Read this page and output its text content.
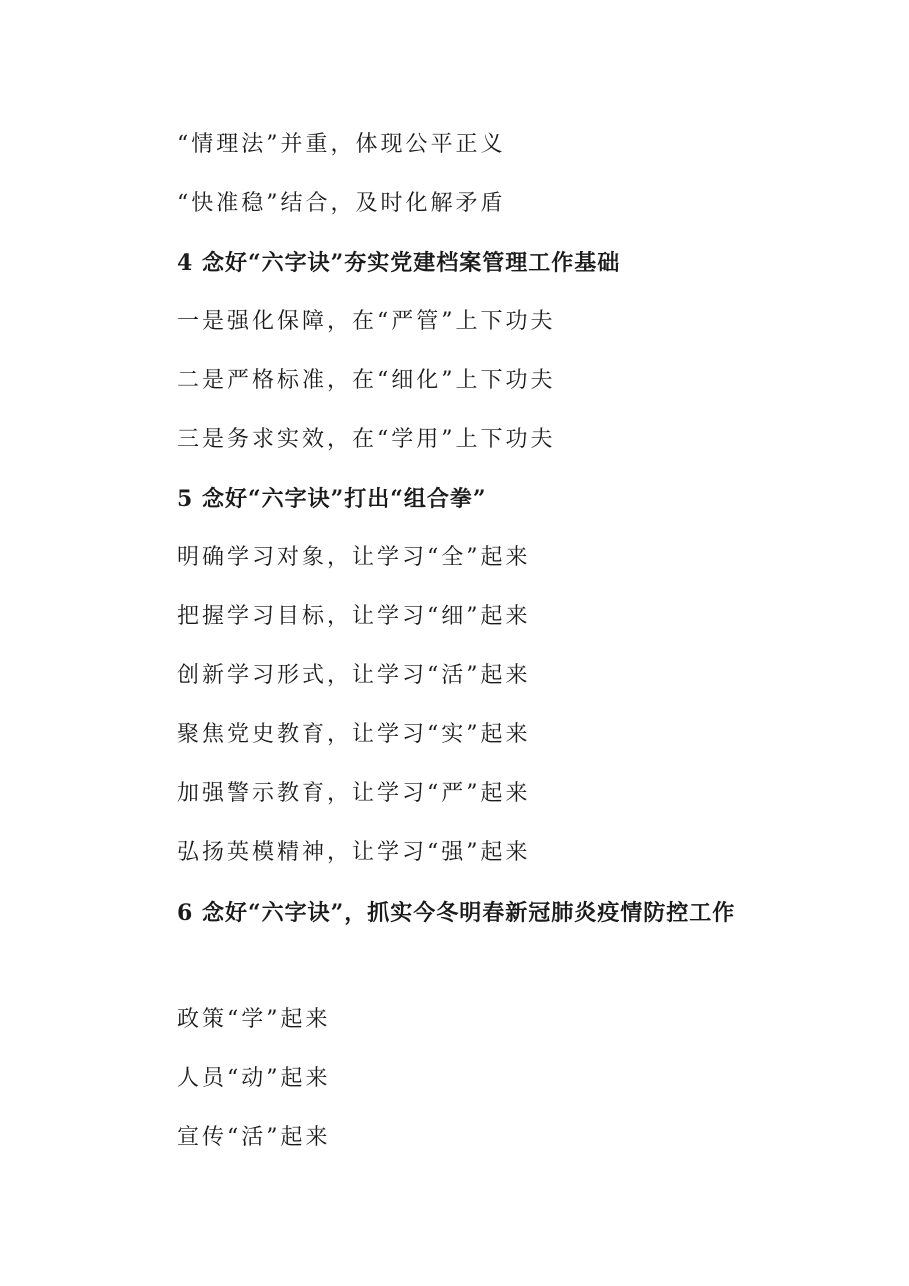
“情理法”并重，体现公平正义
“快准稳”结合，及时化解矛盾
4 念好“六字诀”夯实党建档案管理工作基础
一是强化保障，在“严管”上下功夫
二是严格标准，在“细化”上下功夫
三是务求实效，在“学用”上下功夫
5 念好“六字诀”打出“组合拳”
明确学习对象，让学习“全”起来
把握学习目标，让学习“细”起来
创新学习形式，让学习“活”起来
聚焦党史教育，让学习“实”起来
加强警示教育，让学习“严”起来
弘扬英模精神，让学习“强”起来
6 念好“六字诀”，抓实今冬明春新冠肺炎疫情防控工作
政策“学”起来
人员“动”起来
宣传“活”起来
